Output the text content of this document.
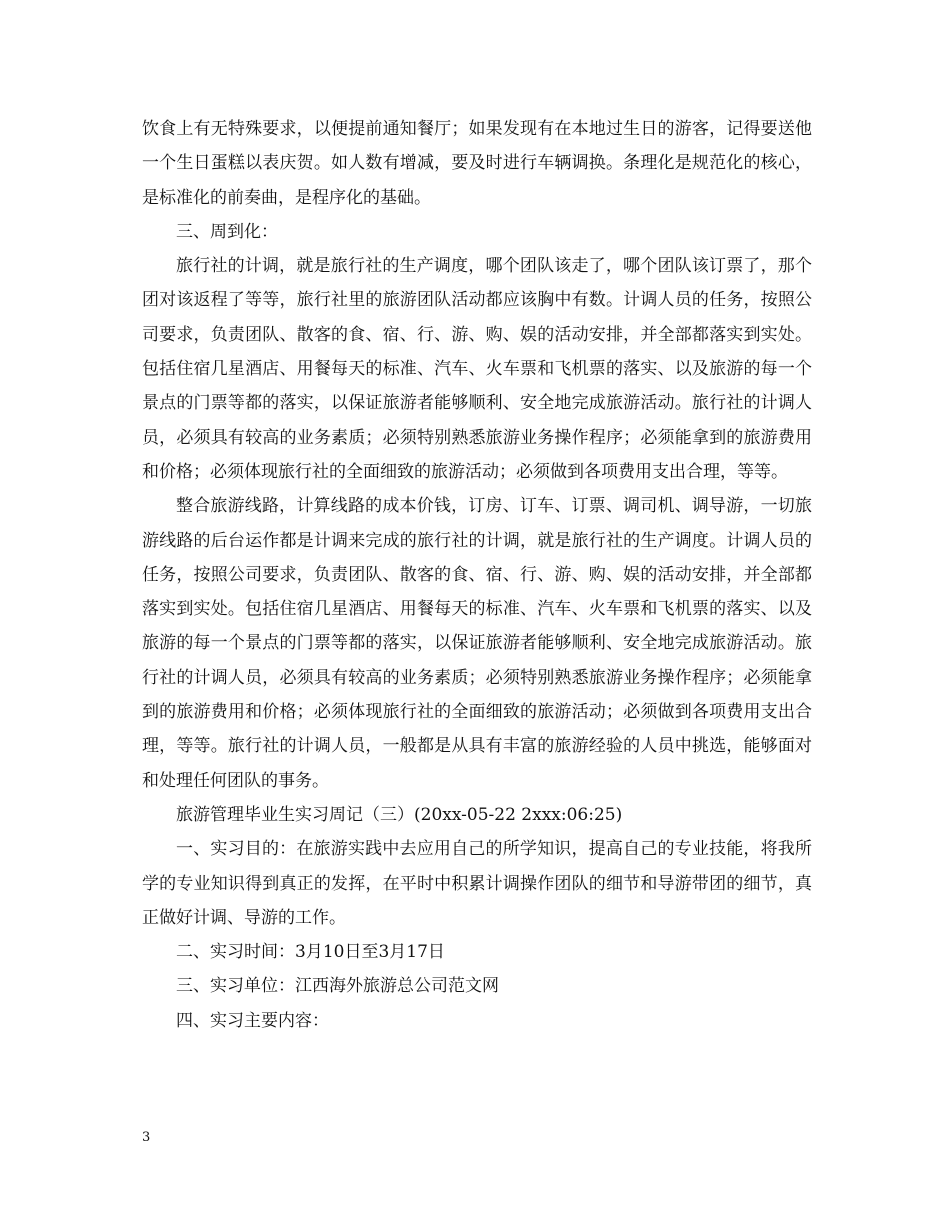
饮食上有无特殊要求，以便提前通知餐厅；如果发现有在本地过生日的游客，记得要送他一个生日蛋糕以表庆贺。如人数有增减，要及时进行车辆调换。条理化是规范化的核心，是标准化的前奏曲，是程序化的基础。

三、周到化：

旅行社的计调，就是旅行社的生产调度，哪个团队该走了，哪个团队该订票了，那个团对该返程了等等，旅行社里的旅游团队活动都应该胸中有数。计调人员的任务，按照公司要求，负责团队、散客的食、宿、行、游、购、娱的活动安排，并全部都落实到实处。包括住宿几星酒店、用餐每天的标准、汽车、火车票和飞机票的落实、以及旅游的每一个景点的门票等都的落实，以保证旅游者能够顺利、安全地完成旅游活动。旅行社的计调人员，必须具有较高的业务素质；必须特别熟悉旅游业务操作程序；必须能拿到的旅游费用和价格；必须体现旅行社的全面细致的旅游活动；必须做到各项费用支出合理，等等。

整合旅游线路，计算线路的成本价钱，订房、订车、订票、调司机、调导游，一切旅游线路的后台运作都是计调来完成的旅行社的计调，就是旅行社的生产调度。计调人员的任务，按照公司要求，负责团队、散客的食、宿、行、游、购、娱的活动安排，并全部都落实到实处。包括住宿几星酒店、用餐每天的标准、汽车、火车票和飞机票的落实、以及旅游的每一个景点的门票等都的落实，以保证旅游者能够顺利、安全地完成旅游活动。旅行社的计调人员，必须具有较高的业务素质；必须特别熟悉旅游业务操作程序；必须能拿到的旅游费用和价格；必须体现旅行社的全面细致的旅游活动；必须做到各项费用支出合理，等等。旅行社的计调人员，一般都是从具有丰富的旅游经验的人员中挑选，能够面对和处理任何团队的事务。

旅游管理毕业生实习周记（三）(20xx-05-22 2xxx:06:25)

一、实习目的：在旅游实践中去应用自己的所学知识，提高自己的专业技能，将我所学的专业知识得到真正的发挥，在平时中积累计调操作团队的细节和导游带团的细节，真正做好计调、导游的工作。

二、实习时间：3月10日至3月17日

三、实习单位：江西海外旅游总公司范文网

四、实习主要内容：

3
